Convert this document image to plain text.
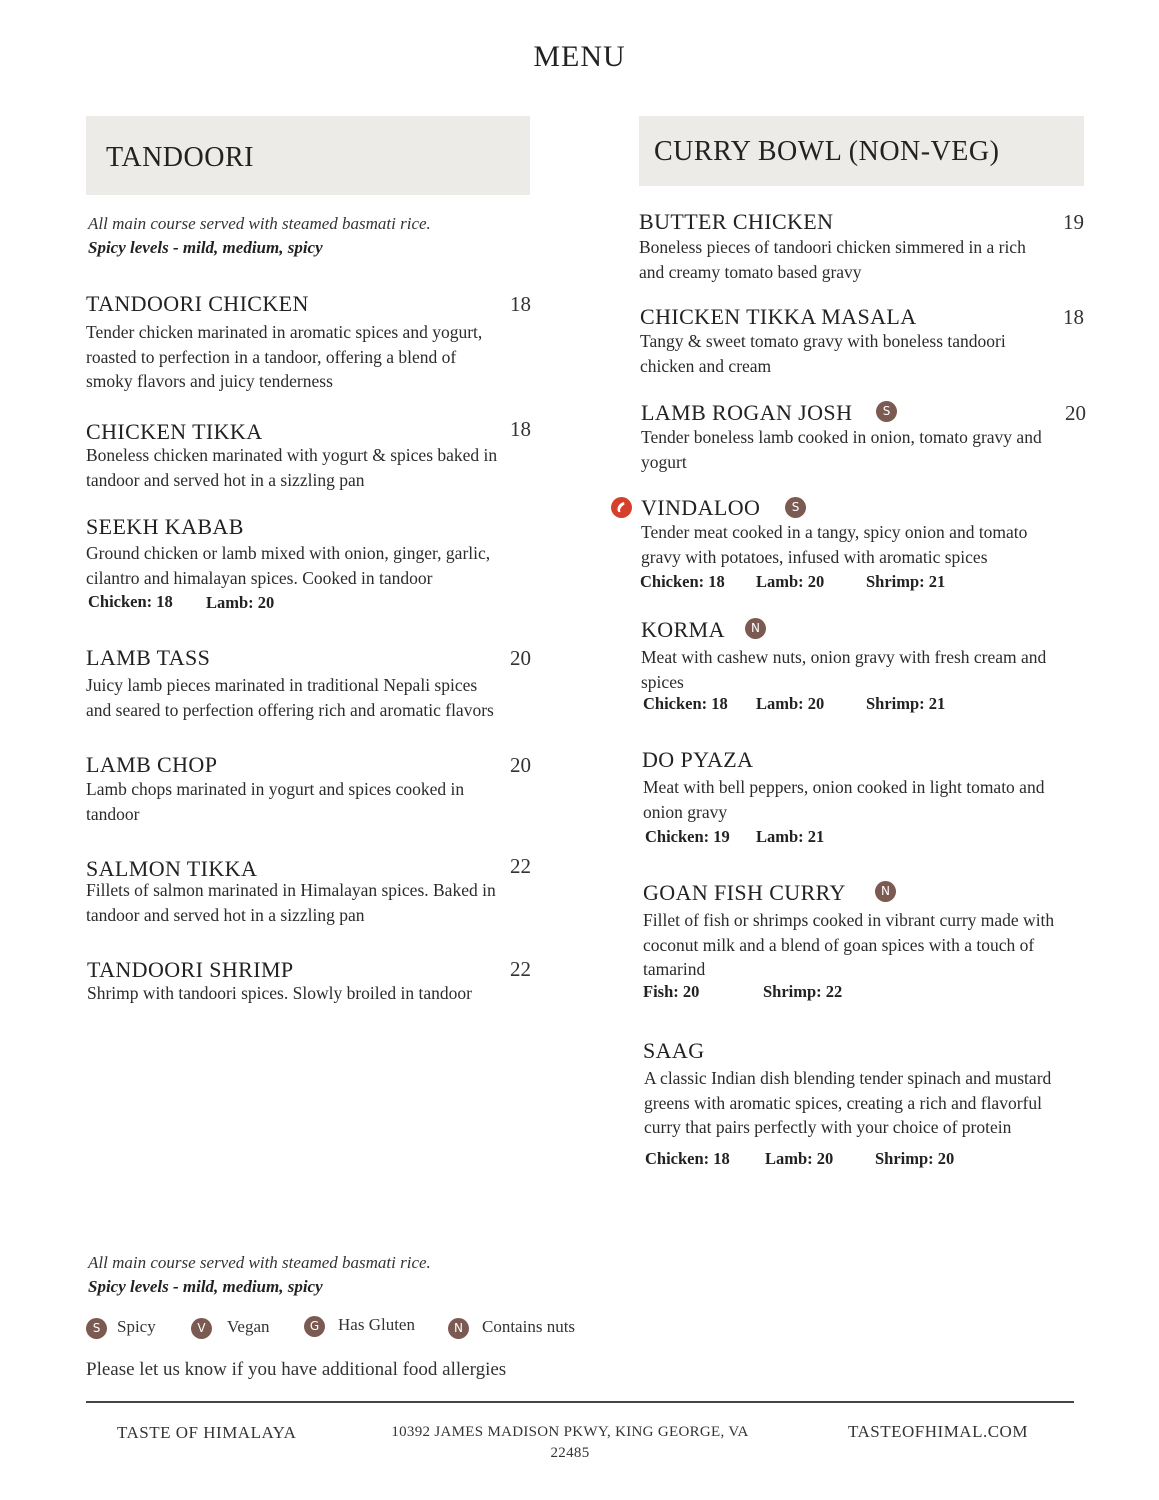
MENU
TANDOORI
All main course served with steamed basmati rice.
Spicy levels - mild, medium, spicy
TANDOORI CHICKEN	18
Tender chicken marinated in aromatic spices and yogurt,
roasted to perfection in a tandoor, offering a blend of
smoky flavors and juicy tenderness
CHICKEN TIKKA	18
Boneless chicken marinated with yogurt & spices baked in
tandoor and served hot in a sizzling pan
SEEKH KABAB
Ground chicken or lamb mixed with onion, ginger, garlic,
cilantro and himalayan spices. Cooked in tandoor
Chicken: 18 Lamb: 20
LAMB TASS	20
Juicy lamb pieces marinated in traditional Nepali spices
and seared to perfection offering rich and aromatic flavors
LAMB CHOP	20
Lamb chops marinated in yogurt and spices cooked in
tandoor
SALMON TIKKA	22
Fillets of salmon marinated in Himalayan spices. Baked in
tandoor and served hot in a sizzling pan
TANDOORI SHRIMP	22
Shrimp with tandoori spices. Slowly broiled in tandoor
CURRY BOWL (NON-VEG)
BUTTER CHICKEN	19
Boneless pieces of tandoori chicken simmered in a rich
and creamy tomato based gravy
CHICKEN TIKKA MASALA	18
Tangy & sweet tomato gravy with boneless tandoori
chicken and cream
LAMB ROGAN JOSH	S	20
Tender boneless lamb cooked in onion, tomato gravy and
yogurt
VINDALOO	S
Tender meat cooked in a tangy, spicy onion and tomato
gravy with potatoes, infused with aromatic spices
Chicken: 18 Lamb: 20	Shrimp: 21
KORMA	N
Meat with cashew nuts, onion gravy with fresh cream and
spices
Chicken: 18 Lamb: 20	Shrimp: 21
DO PYAZA
Meat with bell peppers, onion cooked in light tomato and
onion gravy
Chicken: 19 Lamb: 21
GOAN FISH CURRY	N
Fillet of fish or shrimps cooked in vibrant curry made with
coconut milk and a blend of goan spices with a touch of
tamarind
Fish: 20	Shrimp: 22
SAAG
A classic Indian dish blending tender spinach and mustard
greens with aromatic spices, creating a rich and flavorful
curry that pairs perfectly with your choice of protein
Chicken: 18 Lamb: 20	Shrimp: 20
All main course served with steamed basmati rice.
Spicy levels - mild, medium, spicy
S Spicy	V	Vegan	G	Has Gluten	N	Contains nuts
Please let us know if you have additional food allergies
TASTE OF HIMALAYA	10392 JAMES MADISON PKWY, KING GEORGE, VA
22485
TASTEOFHIMAL.COM
